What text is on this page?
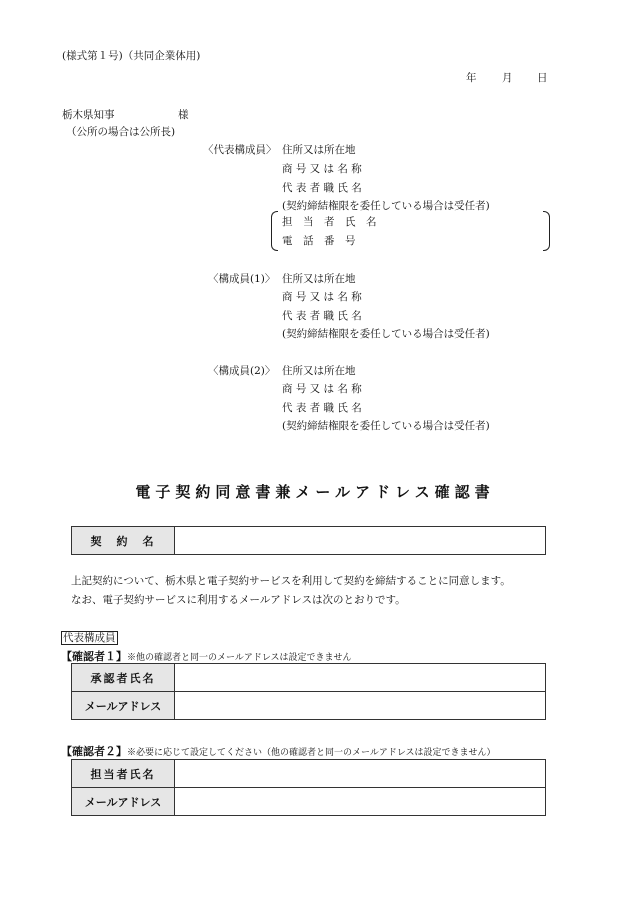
(様式第１号)（共同企業体用)
年 月 日
栃木県知事	様
（公所の場合は公所長)
〈代表構成員〉 住所又は所在地
商 号 又 は 名 称
代 表 者 職 氏 名
(契約締結権限を委任している場合は受任者)
担　当　者　氏　名
電　話　番　号
〈構成員(1)〉 住所又は所在地
商 号 又 は 名 称
代 表 者 職 氏 名
(契約締結権限を委任している場合は受任者)
〈構成員(2)〉 住所又は所在地
商 号 又 は 名 称
代 表 者 職 氏 名
(契約締結権限を委任している場合は受任者)
電子契約同意書兼メールアドレス確認書
契　約　名	
上記契約について、栃木県と電子契約サービスを利用して契約を締結することに同意します。
なお、電子契約サービスに利用するメールアドレスは次のとおりです。
代表構成員
【確認者１】※他の確認者と同一のメールアドレスは設定できません
承認者氏名	
メールアドレス	
【確認者２】※必要に応じて設定してください（他の確認者と同一のメールアドレスは設定できません）
担当者氏名	
メールアドレス	
